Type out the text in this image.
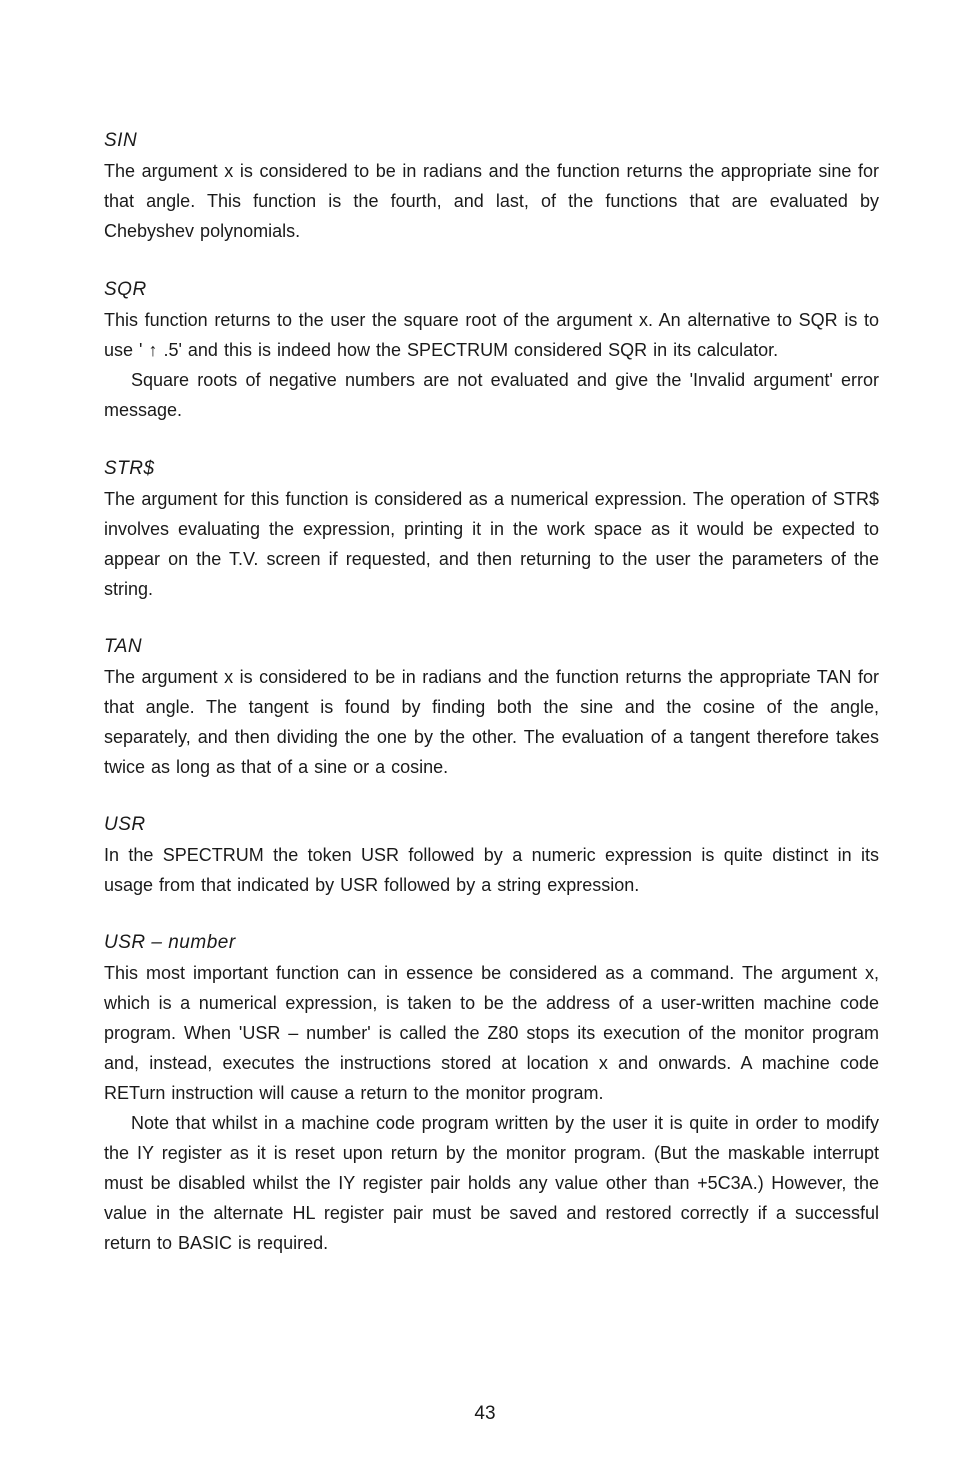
SIN

The argument x is considered to be in radians and the function returns the appropriate sine for that angle. This function is the fourth, and last, of the functions that are evaluated by Chebyshev polynomials.

SQR

This function returns to the user the square root of the argument x. An alternative to SQR is to use ' ↑ .5' and this is indeed how the SPECTRUM considered SQR in its calculator.

Square roots of negative numbers are not evaluated and give the 'Invalid argument' error message.

STR$

The argument for this function is considered as a numerical expression. The operation of STR$ involves evaluating the expression, printing it in the work space as it would be expected to appear on the T.V. screen if requested, and then returning to the user the parameters of the string.

TAN

The argument x is considered to be in radians and the function returns the appropriate TAN for that angle. The tangent is found by finding both the sine and the cosine of the angle, separately, and then dividing the one by the other. The evaluation of a tangent therefore takes twice as long as that of a sine or a cosine.

USR

In the SPECTRUM the token USR followed by a numeric expression is quite distinct in its usage from that indicated by USR followed by a string expression.

USR – number

This most important function can in essence be considered as a command. The argument x, which is a numerical expression, is taken to be the address of a user-written machine code program. When 'USR – number' is called the Z80 stops its execution of the monitor program and, instead, executes the instructions stored at location x and onwards. A machine code RETurn instruction will cause a return to the monitor program.

Note that whilst in a machine code program written by the user it is quite in order to modify the IY register as it is reset upon return by the monitor program. (But the maskable interrupt must be disabled whilst the IY register pair holds any value other than +5C3A.) However, the value in the alternate HL register pair must be saved and restored correctly if a successful return to BASIC is required.

43
